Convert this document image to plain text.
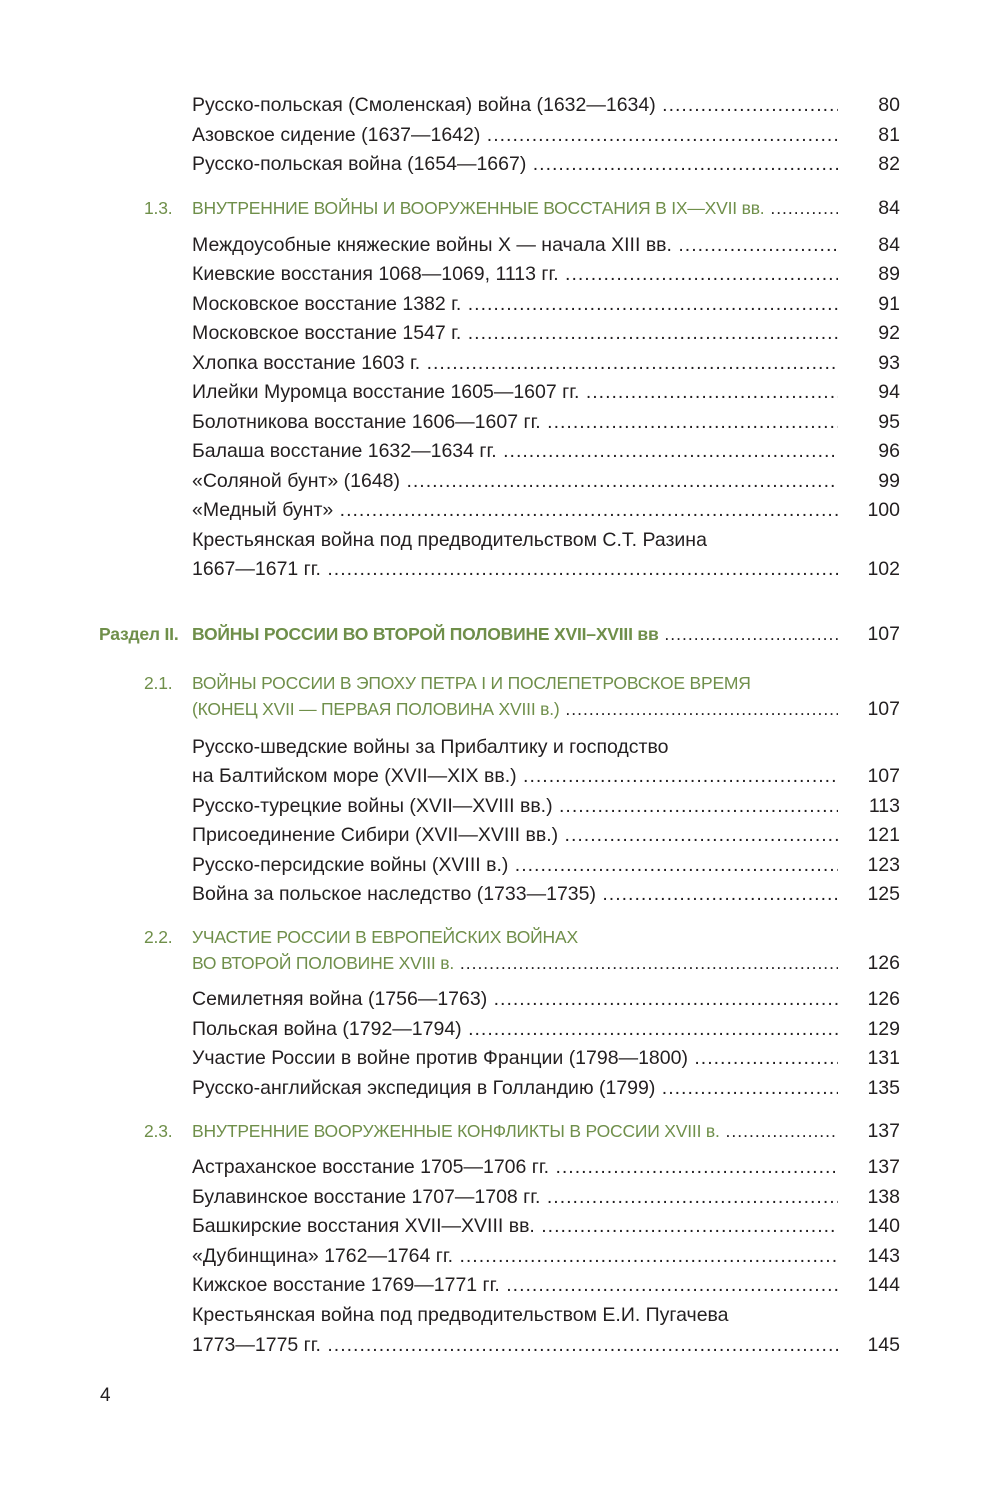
Русско-польская (Смоленская) война (1632—1634) .....	80
Азовское сидение (1637—1642) .....	81
Русско-польская война (1654—1667) .....	82
1.3. ВНУТРЕННИЕ ВОЙНЫ И ВООРУЖЕННЫЕ ВОССТАНИЯ В IX—XVII вв. .....	84
Междоусобные княжеские войны X — начала XIII вв. .....	84
Киевские восстания 1068—1069, 1113 гг. .....	89
Московское восстание 1382 г. .....	91
Московское восстание 1547 г. .....	92
Хлопка восстание 1603 г. .....	93
Илейки Муромца восстание 1605—1607 гг. .....	94
Болотникова восстание 1606—1607 гг. .....	95
Балаша восстание 1632—1634 гг. .....	96
«Соляной бунт» (1648) .....	99
«Медный бунт» .....	100
Крестьянская война под предводительством С.Т. Разина
1667—1671 гг. .....	102
Раздел II. ВОЙНЫ РОССИИ ВО ВТОРОЙ ПОЛОВИНЕ XVII–XVIII вв .....	107
2.1. ВОЙНЫ РОССИИ В ЭПОХУ ПЕТРА I И ПОСЛЕПЕТРОВСКОЕ ВРЕМЯ
(КОНЕЦ XVII — ПЕРВАЯ ПОЛОВИНА XVIII в.) .....	107
Русско-шведские войны за Прибалтику и господство
на Балтийском море (XVII—XIX вв.) .....	107
Русско-турецкие войны (XVII—XVIII вв.) .....	113
Присоединение Сибири (XVII—XVIII вв.) .....	121
Русско-персидские войны (XVIII в.) .....	123
Война за польское наследство (1733—1735) .....	125
2.2. УЧАСТИЕ РОССИИ В ЕВРОПЕЙСКИХ ВОЙНАХ
ВО ВТОРОЙ ПОЛОВИНЕ XVIII в. .....	126
Семилетняя война (1756—1763) .....	126
Польская война (1792—1794) .....	129
Участие России в войне против Франции (1798—1800) .....	131
Русско-английская экспедиция в Голландию (1799) .....	135
2.3. ВНУТРЕННИЕ ВООРУЖЕННЫЕ КОНФЛИКТЫ В РОССИИ XVIII в. .....	137
Астраханское восстание 1705—1706 гг. .....	137
Булавинское восстание 1707—1708 гг. .....	138
Башкирские восстания XVII—XVIII вв. .....	140
«Дубинщина» 1762—1764 гг. .....	143
Кижское восстание 1769—1771 гг. .....	144
Крестьянская война под предводительством Е.И. Пугачева
1773—1775 гг. .....	145
4
